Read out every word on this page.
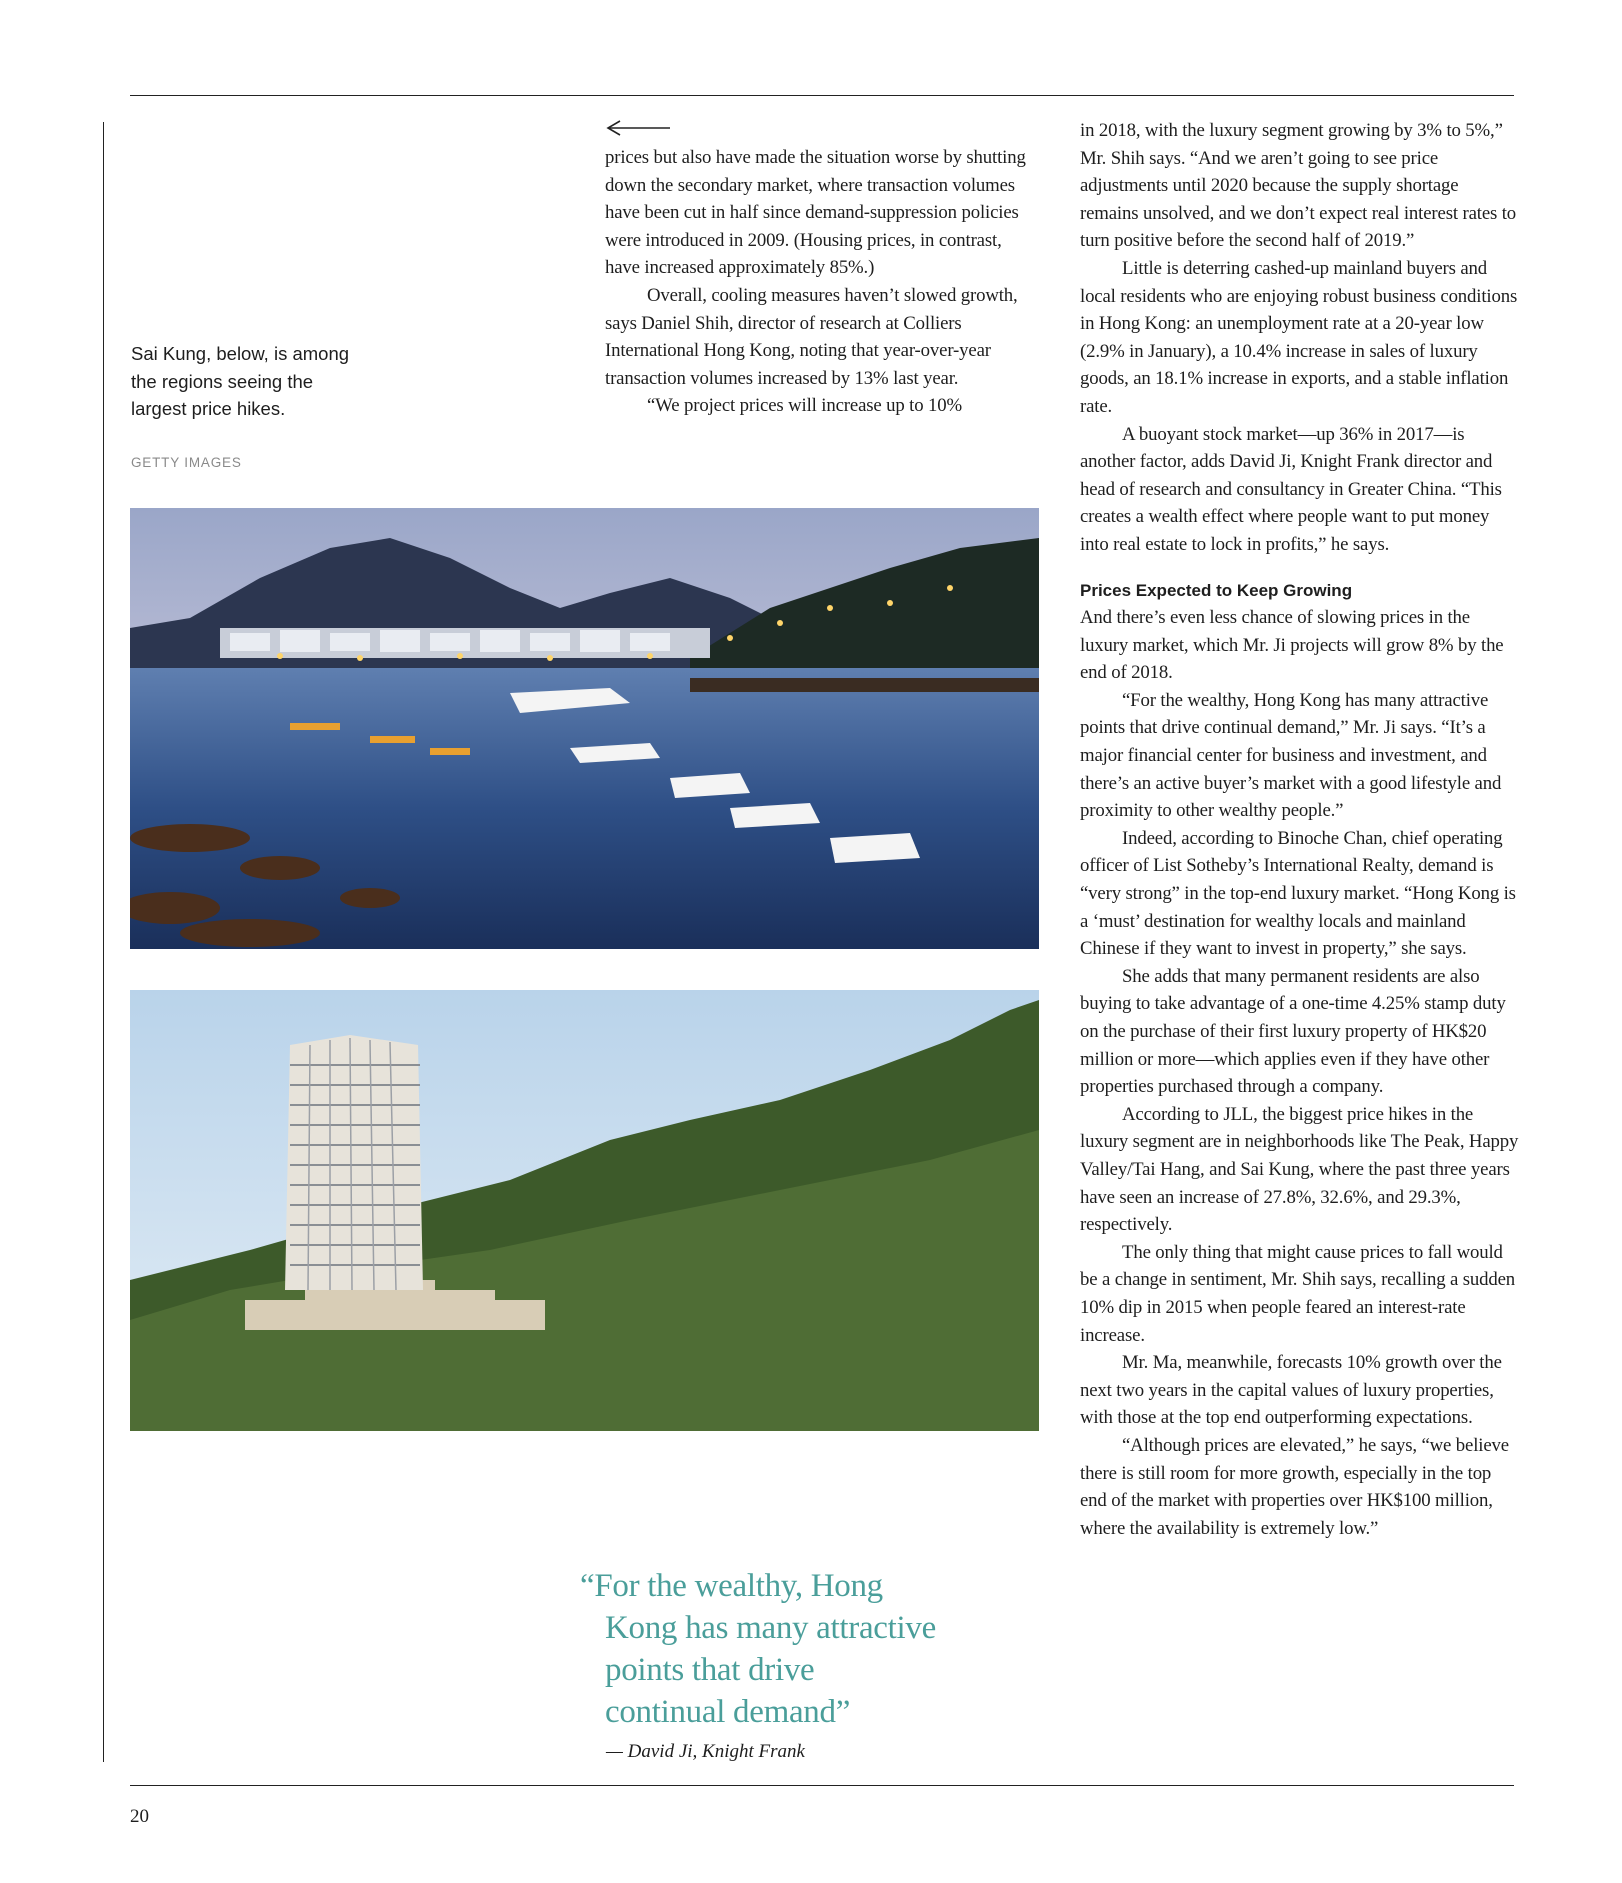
Sai Kung, below, is among the regions seeing the largest price hikes.
GETTY IMAGES

prices but also have made the situation worse by shutting down the secondary market, where transaction volumes have been cut in half since demand-suppression policies were introduced in 2009. (Housing prices, in contrast, have increased approximately 85%.)

Overall, cooling measures haven’t slowed growth, says Daniel Shih, director of research at Colliers International Hong Kong, noting that year-over-year transaction volumes increased by 13% last year.

“We project prices will increase up to 10%

in 2018, with the luxury segment growing by 3% to 5%,” Mr. Shih says. “And we aren’t going to see price adjustments until 2020 because the supply shortage remains unsolved, and we don’t expect real interest rates to turn positive before the second half of 2019.”

Little is deterring cashed-up mainland buyers and local residents who are enjoying robust business conditions in Hong Kong: an unemployment rate at a 20-year low (2.9% in January), a 10.4% increase in sales of luxury goods, an 18.1% increase in exports, and a stable inflation rate.

A buoyant stock market—up 36% in 2017—is another factor, adds David Ji, Knight Frank director and head of research and consultancy in Greater China. “This creates a wealth effect where people want to put money into real estate to lock in profits,” he says.

Prices Expected to Keep Growing

And there’s even less chance of slowing prices in the luxury market, which Mr. Ji projects will grow 8% by the end of 2018.

“For the wealthy, Hong Kong has many attractive points that drive continual demand,” Mr. Ji says. “It’s a major financial center for business and investment, and there’s an active buyer’s market with a good lifestyle and proximity to other wealthy people.”

Indeed, according to Binoche Chan, chief operating officer of List Sotheby’s International Realty, demand is “very strong” in the top-end luxury market. “Hong Kong is a ‘must’ destination for wealthy locals and mainland Chinese if they want to invest in property,” she says.

She adds that many permanent residents are also buying to take advantage of a one-time 4.25% stamp duty on the purchase of their first luxury property of HK$20 million or more—which applies even if they have other properties purchased through a company.

According to JLL, the biggest price hikes in the luxury segment are in neighborhoods like The Peak, Happy Valley/Tai Hang, and Sai Kung, where the past three years have seen an increase of 27.8%, 32.6%, and 29.3%, respectively.

The only thing that might cause prices to fall would be a change in sentiment, Mr. Shih says, recalling a sudden 10% dip in 2015 when people feared an interest-rate increase.

Mr. Ma, meanwhile, forecasts 10% growth over the next two years in the capital values of luxury properties, with those at the top end outperforming expectations.

“Although prices are elevated,” he says, “we believe there is still room for more growth, especially in the top end of the market with properties over HK$100 million, where the availability is extremely low.”

“For the wealthy, Hong
Kong has many attractive
points that drive
continual demand”
— David Ji, Knight Frank
20
